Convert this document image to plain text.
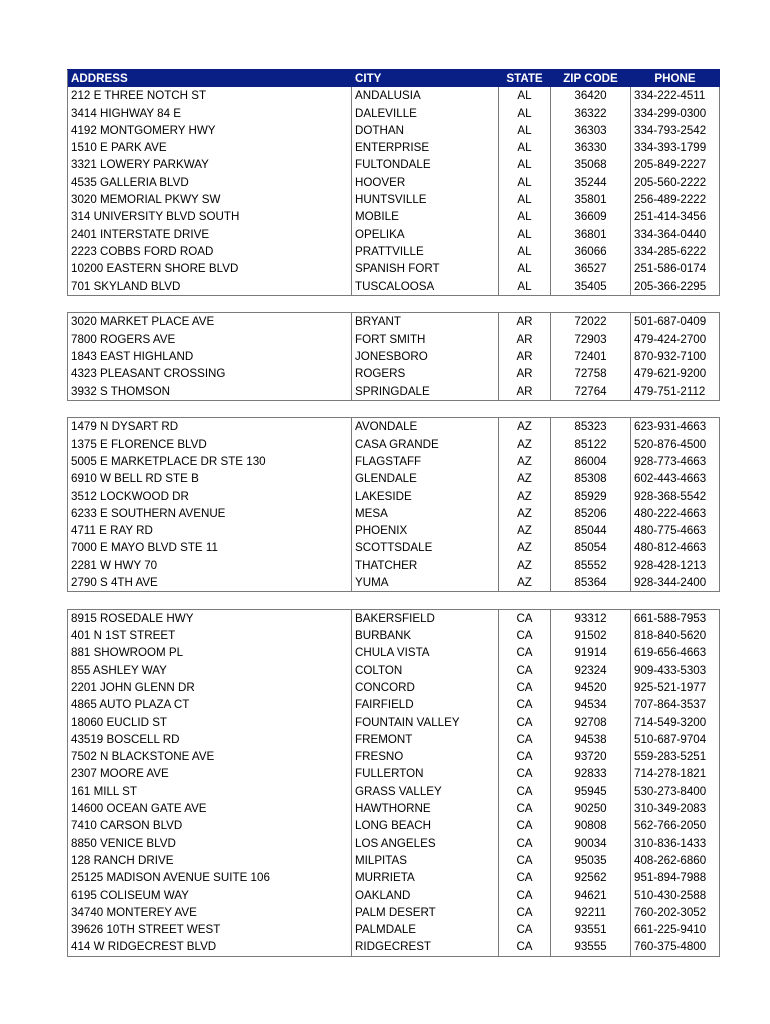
ADDRESS	CITY	STATE	ZIP CODE	PHONE
212 E THREE NOTCH ST	ANDALUSIA	AL	36420	334-222-4511
3414 HIGHWAY 84 E	DALEVILLE	AL	36322	334-299-0300
4192 MONTGOMERY HWY	DOTHAN	AL	36303	334-793-2542
1510 E PARK AVE	ENTERPRISE	AL	36330	334-393-1799
3321 LOWERY PARKWAY	FULTONDALE	AL	35068	205-849-2227
4535 GALLERIA BLVD	HOOVER	AL	35244	205-560-2222
3020 MEMORIAL PKWY SW	HUNTSVILLE	AL	35801	256-489-2222
314 UNIVERSITY BLVD SOUTH	MOBILE	AL	36609	251-414-3456
2401 INTERSTATE DRIVE	OPELIKA	AL	36801	334-364-0440
2223 COBBS FORD ROAD	PRATTVILLE	AL	36066	334-285-6222
10200 EASTERN SHORE BLVD	SPANISH FORT	AL	36527	251-586-0174
701 SKYLAND BLVD	TUSCALOOSA	AL	35405	205-366-2295

3020 MARKET PLACE AVE	BRYANT	AR	72022	501-687-0409
7800 ROGERS AVE	FORT SMITH	AR	72903	479-424-2700
1843 EAST HIGHLAND	JONESBORO	AR	72401	870-932-7100
4323 PLEASANT CROSSING	ROGERS	AR	72758	479-621-9200
3932 S THOMSON	SPRINGDALE	AR	72764	479-751-2112

1479 N DYSART RD	AVONDALE	AZ	85323	623-931-4663
1375 E FLORENCE BLVD	CASA GRANDE	AZ	85122	520-876-4500
5005 E MARKETPLACE DR STE 130	FLAGSTAFF	AZ	86004	928-773-4663
6910 W BELL RD STE B	GLENDALE	AZ	85308	602-443-4663
3512 LOCKWOOD DR	LAKESIDE	AZ	85929	928-368-5542
6233 E SOUTHERN AVENUE	MESA	AZ	85206	480-222-4663
4711 E RAY RD	PHOENIX	AZ	85044	480-775-4663
7000 E MAYO BLVD STE 11	SCOTTSDALE	AZ	85054	480-812-4663
2281 W HWY 70	THATCHER	AZ	85552	928-428-1213
2790 S 4TH AVE	YUMA	AZ	85364	928-344-2400

8915 ROSEDALE HWY	BAKERSFIELD	CA	93312	661-588-7953
401 N 1ST STREET	BURBANK	CA	91502	818-840-5620
881 SHOWROOM PL	CHULA VISTA	CA	91914	619-656-4663
855 ASHLEY WAY	COLTON	CA	92324	909-433-5303
2201 JOHN GLENN DR	CONCORD	CA	94520	925-521-1977
4865 AUTO PLAZA CT	FAIRFIELD	CA	94534	707-864-3537
18060 EUCLID ST	FOUNTAIN VALLEY	CA	92708	714-549-3200
43519 BOSCELL RD	FREMONT	CA	94538	510-687-9704
7502 N BLACKSTONE AVE	FRESNO	CA	93720	559-283-5251
2307 MOORE AVE	FULLERTON	CA	92833	714-278-1821
161 MILL ST	GRASS VALLEY	CA	95945	530-273-8400
14600 OCEAN GATE AVE	HAWTHORNE	CA	90250	310-349-2083
7410 CARSON BLVD	LONG BEACH	CA	90808	562-766-2050
8850 VENICE BLVD	LOS ANGELES	CA	90034	310-836-1433
128 RANCH DRIVE	MILPITAS	CA	95035	408-262-6860
25125 MADISON AVENUE SUITE 106	MURRIETA	CA	92562	951-894-7988
6195 COLISEUM WAY	OAKLAND	CA	94621	510-430-2588
34740 MONTEREY AVE	PALM DESERT	CA	92211	760-202-3052
39626 10TH STREET WEST	PALMDALE	CA	93551	661-225-9410
414 W RIDGECREST BLVD	RIDGECREST	CA	93555	760-375-4800
